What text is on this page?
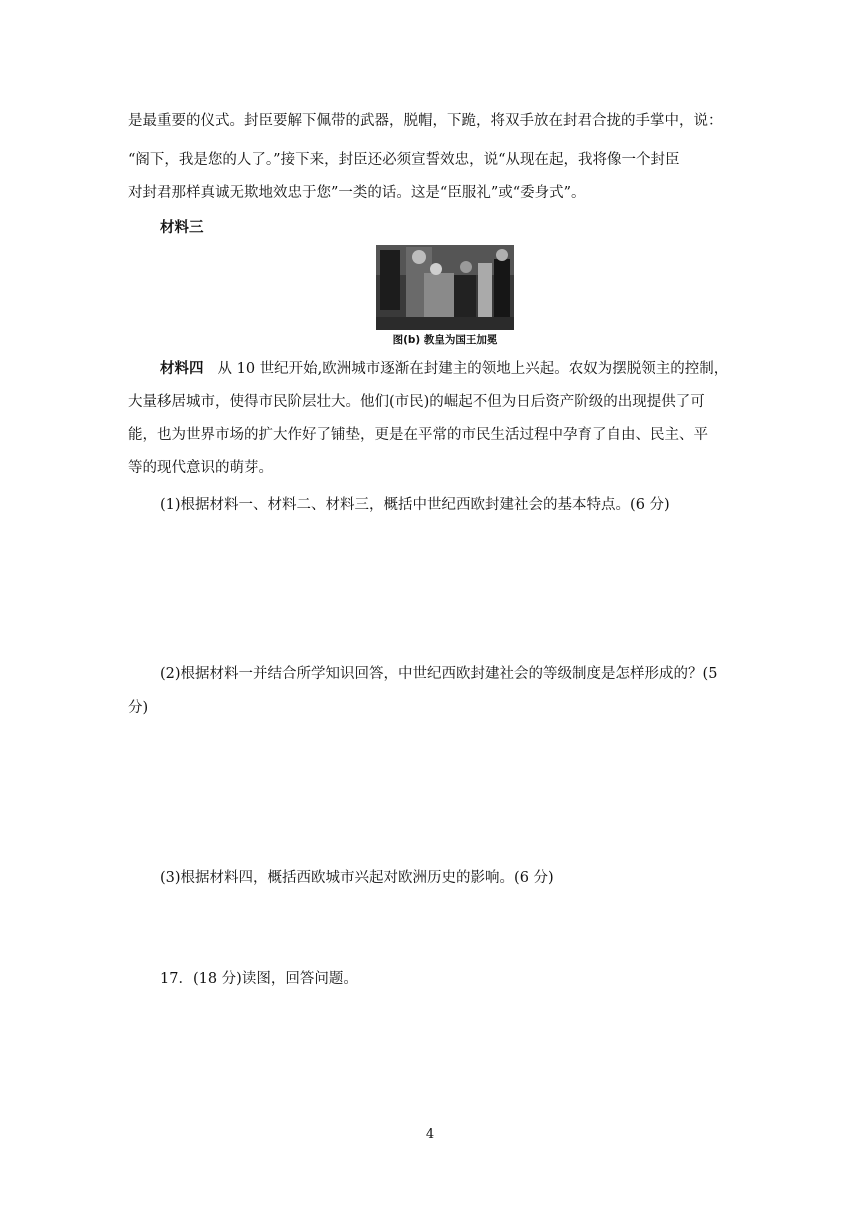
是最重要的仪式。封臣要解下佩带的武器，脱帽，下跪，将双手放在封君合拢的手掌中，说：
“阁下，我是您的人了。”接下来，封臣还必须宣誓效忠，说“从现在起，我将像一个封臣
对封君那样真诚无欺地效忠于您”一类的话。这是“臣服礼”或“委身式”。
材料三
图(b) 教皇为国王加冕
材料四 从 10 世纪开始,欧洲城市逐渐在封建主的领地上兴起。农奴为摆脱领主的控制，
大量移居城市，使得市民阶层壮大。他们(市民)的崛起不但为日后资产阶级的出现提供了可
能，也为世界市场的扩大作好了铺垫，更是在平常的市民生活过程中孕育了自由、民主、平
等的现代意识的萌芽。
(1)根据材料一、材料二、材料三，概括中世纪西欧封建社会的基本特点。(6 分)
(2)根据材料一并结合所学知识回答，中世纪西欧封建社会的等级制度是怎样形成的？(5
分)
(3)根据材料四，概括西欧城市兴起对欧洲历史的影响。(6 分)
17．(18 分)读图，回答问题。
4
